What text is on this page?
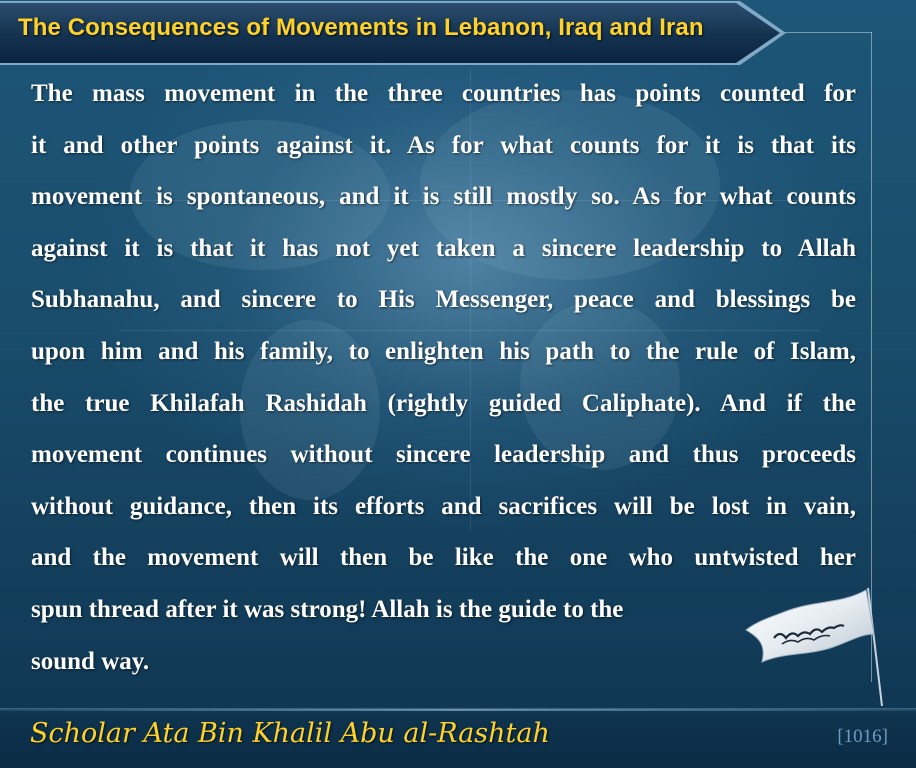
The Consequences of Movements in Lebanon, Iraq and Iran
The mass movement in the three countries has points counted for
it and other points against it. As for what counts for it is that its
movement is spontaneous, and it is still mostly so. As for what counts
against it is that it has not yet taken a sincere leadership to Allah
Subhanahu, and sincere to His Messenger, peace and blessings be
upon him and his family, to enlighten his path to the rule of Islam,
the true Khilafah Rashidah (rightly guided Caliphate). And if the
movement continues without sincere leadership and thus proceeds
without guidance, then its efforts and sacrifices will be lost in vain,
and the movement will then be like the one who untwisted her
spun thread after it was strong! Allah is the guide to the
sound way.
Scholar Ata Bin Khalil Abu al-Rashtah	[1016]
